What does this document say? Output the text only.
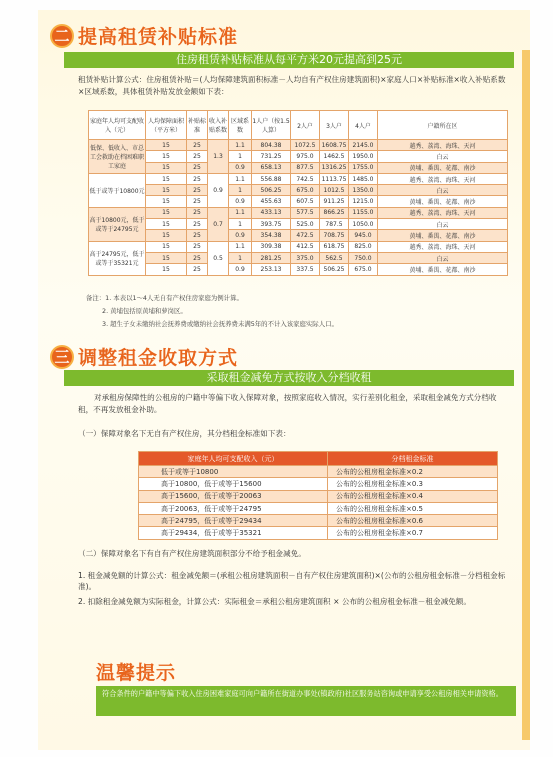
二 提高租赁补贴标准
住房租赁补贴标准从每平方米20元提高到25元
租赁补贴计算公式：住房租赁补贴＝(人均保障建筑面积标准－人均自有产权住房建筑面积)×家庭人口×补贴标准×收入补贴系数×区域系数，具体租赁补贴发放金额如下表：
家庭年人均可支配收入（元）	人均保障面积（平方米）	补贴标准	收入补贴系数	区域系数	1人户（按1.5人算）	2人户	3人户	4人户	户籍所在区
低保、低收入、市总工会救助在档困难职工家庭	15	25	1.3	1.1	804.38	1072.5	1608.75	2145.0	越秀、荔湾、海珠、天河
	15	25		1	731.25	975.0	1462.5	1950.0	白云
	15	25		0.9	658.13	877.5	1316.25	1755.0	黄埔、番禺、花都、南沙
低于或等于10800元	15	25	0.9	1.1	556.88	742.5	1113.75	1485.0	越秀、荔湾、海珠、天河
	15	25		1	506.25	675.0	1012.5	1350.0	白云
	15	25		0.9	455.63	607.5	911.25	1215.0	黄埔、番禺、花都、南沙
高于10800元，低于或等于24795元	15	25	0.7	1.1	433.13	577.5	866.25	1155.0	越秀、荔湾、海珠、天河
	15	25		1	393.75	525.0	787.5	1050.0	白云
	15	25		0.9	354.38	472.5	708.75	945.0	黄埔、番禺、花都、南沙
高于24795元，低于或等于35321元	15	25	0.5	1.1	309.38	412.5	618.75	825.0	越秀、荔湾、海珠、天河
	15	25		1	281.25	375.0	562.5	750.0	白云
	15	25		0.9	253.13	337.5	506.25	675.0	黄埔、番禺、花都、南沙
备注：1. 本表以1～4人无自有产权住房家庭为例计算。
2. 黄埔包括原黄埔和萝岗区。
3. 超生子女未缴纳社会抚养费或缴纳社会抚养费未满5年的不计入该家庭实际人口。
三 调整租金收取方式
采取租金减免方式按收入分档收租
对承租房保障性的公租房的户籍中等偏下收入保障对象，按照家庭收入情况，实行差别化租金，采取租金减免方式分档收租，不再发放租金补助。
（一）保障对象名下无自有产权住房，其分档租金标准如下表：
家庭年人均可支配收入（元）	分档租金标准
低于或等于10800	公布的公租房租金标准×0.2
高于10800，低于或等于15600	公布的公租房租金标准×0.3
高于15600，低于或等于20063	公布的公租房租金标准×0.4
高于20063，低于或等于24795	公布的公租房租金标准×0.5
高于24795，低于或等于29434	公布的公租房租金标准×0.6
高于29434，低于或等于35321	公布的公租房租金标准×0.7
（二）保障对象名下有自有产权住房建筑面积部分不给予租金减免。
1. 租金减免额的计算公式：租金减免额＝(承租公租房建筑面积－自有产权住房建筑面积)×(公布的公租房租金标准－分档租金标准)。
2. 扣除租金减免额为实际租金，计算公式：实际租金＝承租公租房建筑面积 × 公布的公租房租金标准－租金减免额。
温馨提示
符合条件的户籍中等偏下收入住房困难家庭可向户籍所在街道办事处(镇政府)社区服务站咨询或申请享受公租房相关申请资格。
